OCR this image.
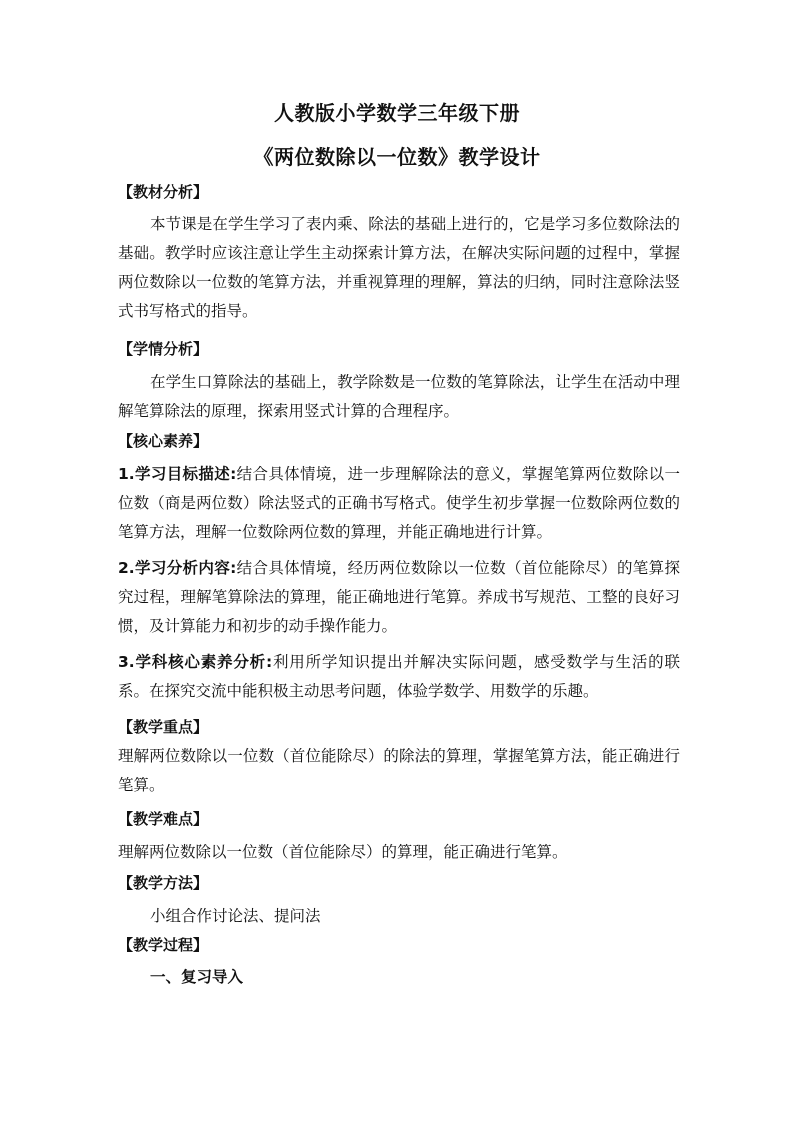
人教版小学数学三年级下册
《两位数除以一位数》教学设计
【教材分析】

本节课是在学生学习了表内乘、除法的基础上进行的，它是学习多位数除法的基础。教学时应该注意让学生主动探索计算方法，在解决实际问题的过程中，掌握两位数除以一位数的笔算方法，并重视算理的理解，算法的归纳，同时注意除法竖式书写格式的指导。

【学情分析】

在学生口算除法的基础上，教学除数是一位数的笔算除法，让学生在活动中理解笔算除法的原理，探索用竖式计算的合理程序。

【核心素养】

1.学习目标描述:结合具体情境，进一步理解除法的意义，掌握笔算两位数除以一位数（商是两位数）除法竖式的正确书写格式。使学生初步掌握一位数除两位数的笔算方法，理解一位数除两位数的算理，并能正确地进行计算。

2.学习分析内容:结合具体情境，经历两位数除以一位数（首位能除尽）的笔算探究过程，理解笔算除法的算理，能正确地进行笔算。养成书写规范、工整的良好习惯，及计算能力和初步的动手操作能力。

3.学科核心素养分析:利用所学知识提出并解决实际问题，感受数学与生活的联系。在探究交流中能积极主动思考问题，体验学数学、用数学的乐趣。

【教学重点】

理解两位数除以一位数（首位能除尽）的除法的算理，掌握笔算方法，能正确进行笔算。

【教学难点】
理解两位数除以一位数（首位能除尽）的算理，能正确进行笔算。
【教学方法】
小组合作讨论法、提问法
【教学过程】
一、复习导入
